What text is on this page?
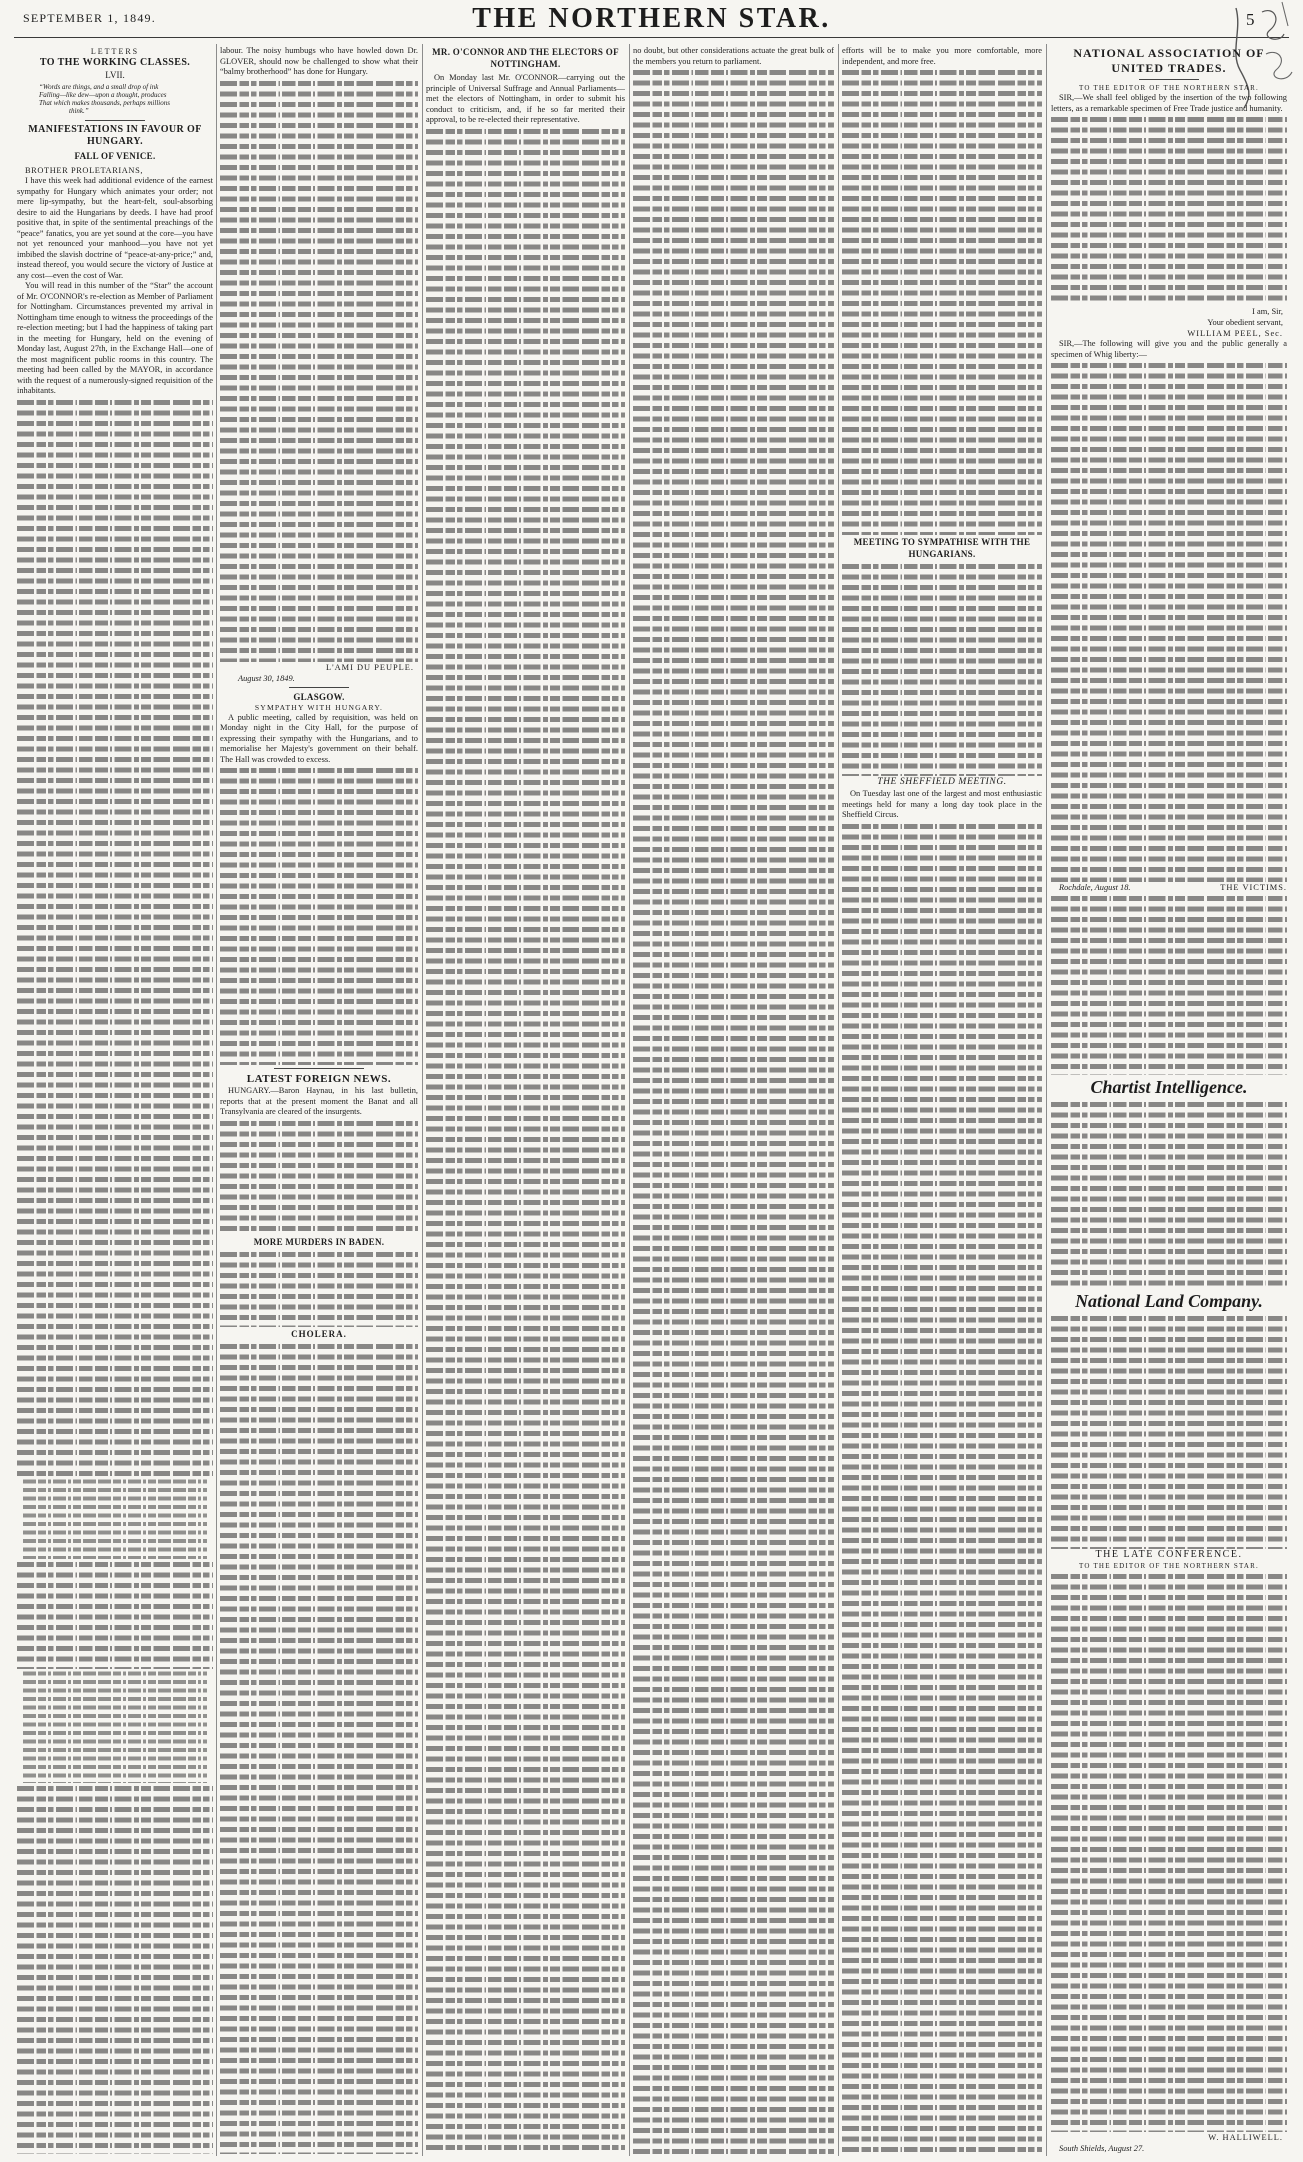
SEPTEMBER 1, 1849.	THE NORTHERN STAR.	5
LETTERS
TO THE WORKING CLASSES.
LVII.
“Words are things, and a small drop of ink
Falling—like dew—upon a thought, produces
That which makes thousands, perhaps millions
think.”
MANIFESTATIONS IN FAVOUR OF
HUNGARY.
FALL OF VENICE.
BROTHER PROLETARIANS,

I have this week had additional evidence of the earnest sympathy for Hungary which animates your order; not mere lip-sympathy, but the heart-felt, soul-absorbing desire to aid the Hungarians by deeds. I have had proof positive that, in spite of the sentimental preachings of the “peace” fanatics, you are yet sound at the core—you have not yet renounced your manhood—you have not yet imbibed the slavish doctrine of “peace-at-any-price;” and, instead thereof, you would secure the victory of Justice at any cost—even the cost of War.

You will read in this number of the “Star” the account of Mr. O'CONNOR's re-election as Member of Parliament for Nottingham. Circumstances prevented my arrival in Nottingham time enough to witness the proceedings of the re-election meeting; but I had the happiness of taking part in the meeting for Hungary, held on the evening of Monday last, August 27th, in the Exchange Hall—one of the most magnificent public rooms in this country. The meeting had been called by the MAYOR, in accordance with the request of a numerously-signed requisition of the inhabitants.

labour. The noisy humbugs who have howled down Dr. GLOVER, should now be challenged to show what their “balmy brotherhood” has done for Hungary.

L'AMI DU PEUPLE.
August 30, 1849.
GLASGOW.
SYMPATHY WITH HUNGARY.

A public meeting, called by requisition, was held on Monday night in the City Hall, for the purpose of expressing their sympathy with the Hungarians, and to memorialise her Majesty's government on their behalf. The Hall was crowded to excess.

LATEST FOREIGN NEWS.

HUNGARY.—Baron Haynau, in his last bulletin, reports that at the present moment the Banat and all Transylvania are cleared of the insurgents.

MORE MURDERS IN BADEN.
CHOLERA.
MR. O'CONNOR AND THE ELECTORS OF
NOTTINGHAM.

On Monday last Mr. O'CONNOR—carrying out the principle of Universal Suffrage and Annual Parliaments—met the electors of Nottingham, in order to submit his conduct to criticism, and, if he so far merited their approval, to be re-elected their representative.

no doubt, but other considerations actuate the great bulk of the members you return to parliament.

efforts will be to make you more comfortable, more independent, and more free.

MEETING TO SYMPATHISE WITH THE
HUNGARIANS.
THE SHEFFIELD MEETING.

On Tuesday last one of the largest and most enthusiastic meetings held for many a long day took place in the Sheffield Circus.

NATIONAL ASSOCIATION OF
UNITED TRADES.
TO THE EDITOR OF THE NORTHERN STAR.

SIR,—We shall feel obliged by the insertion of the two following letters, as a remarkable specimen of Free Trade justice and humanity.

I am, Sir,
Your obedient servant,
WILLIAM PEEL, Sec.

SIR,—The following will give you and the public generally a specimen of Whig liberty:—

Rochdale, August 18.	THE VICTIMS.
Chartist Intelligence.
National Land Company.
THE LATE CONFERENCE.
TO THE EDITOR OF THE NORTHERN STAR.
W. HALLIWELL.
South Shields, August 27.
